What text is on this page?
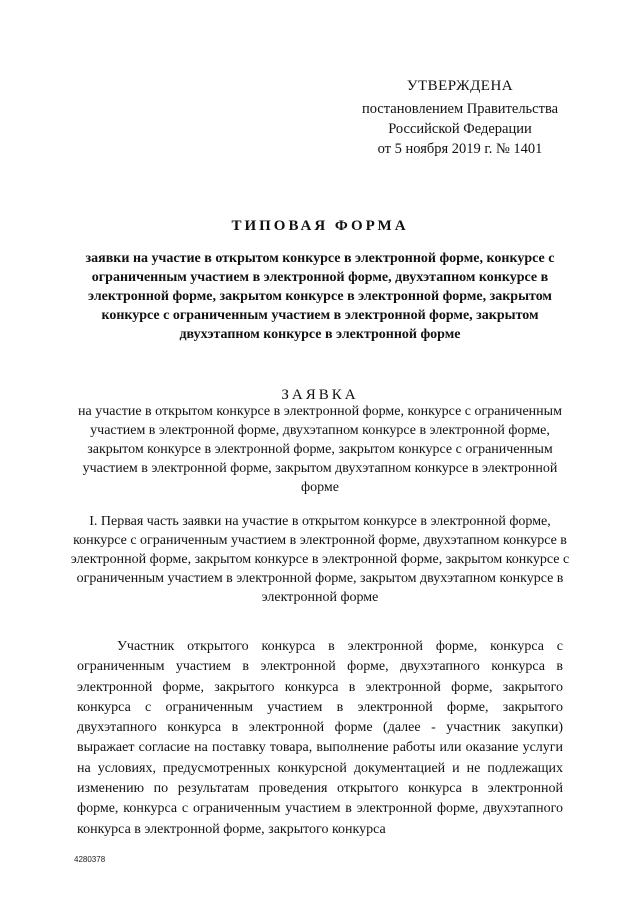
УТВЕРЖДЕНА
постановлением Правительства
Российской Федерации
от 5 ноября 2019 г. № 1401
ТИПОВАЯ ФОРМА
заявки на участие в открытом конкурсе в электронной форме, конкурсе с ограниченным участием в электронной форме, двухэтапном конкурсе в электронной форме, закрытом конкурсе в электронной форме, закрытом конкурсе с ограниченным участием в электронной форме, закрытом двухэтапном конкурсе в электронной форме
ЗАЯВКА
на участие в открытом конкурсе в электронной форме, конкурсе с ограниченным участием в электронной форме, двухэтапном конкурсе в электронной форме, закрытом конкурсе в электронной форме, закрытом конкурсе с ограниченным участием в электронной форме, закрытом двухэтапном конкурсе в электронной форме
I. Первая часть заявки на участие в открытом конкурсе в электронной форме, конкурсе с ограниченным участием в электронной форме, двухэтапном конкурсе в электронной форме, закрытом конкурсе в электронной форме, закрытом конкурсе с ограниченным участием в электронной форме, закрытом двухэтапном конкурсе в электронной форме
Участник открытого конкурса в электронной форме, конкурса с ограниченным участием в электронной форме, двухэтапного конкурса в электронной форме, закрытого конкурса в электронной форме, закрытого конкурса с ограниченным участием в электронной форме, закрытого двухэтапного конкурса в электронной форме (далее - участник закупки) выражает согласие на поставку товара, выполнение работы или оказание услуги на условиях, предусмотренных конкурсной документацией и не подлежащих изменению по результатам проведения открытого конкурса в электронной форме, конкурса с ограниченным участием в электронной форме, двухэтапного конкурса в электронной форме, закрытого конкурса
4280378
